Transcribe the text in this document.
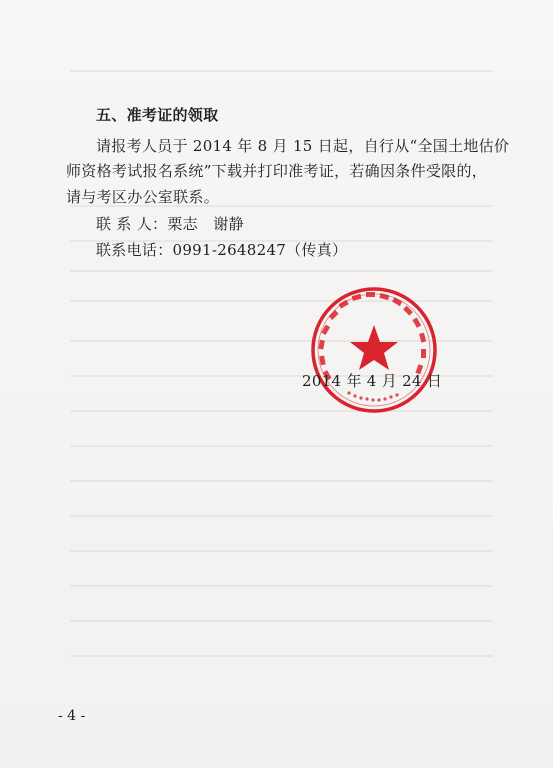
五、准考证的领取
请报考人员于 2014 年 8 月 15 日起，自行从“全国土地估价
师资格考试报名系统”下载并打印准考证，若确因条件受限的，
请与考区办公室联系。
联 系 人：栗志　谢静
联系电话：0991-2648247（传真）
2014 年 4 月 24 日
- 4 -
